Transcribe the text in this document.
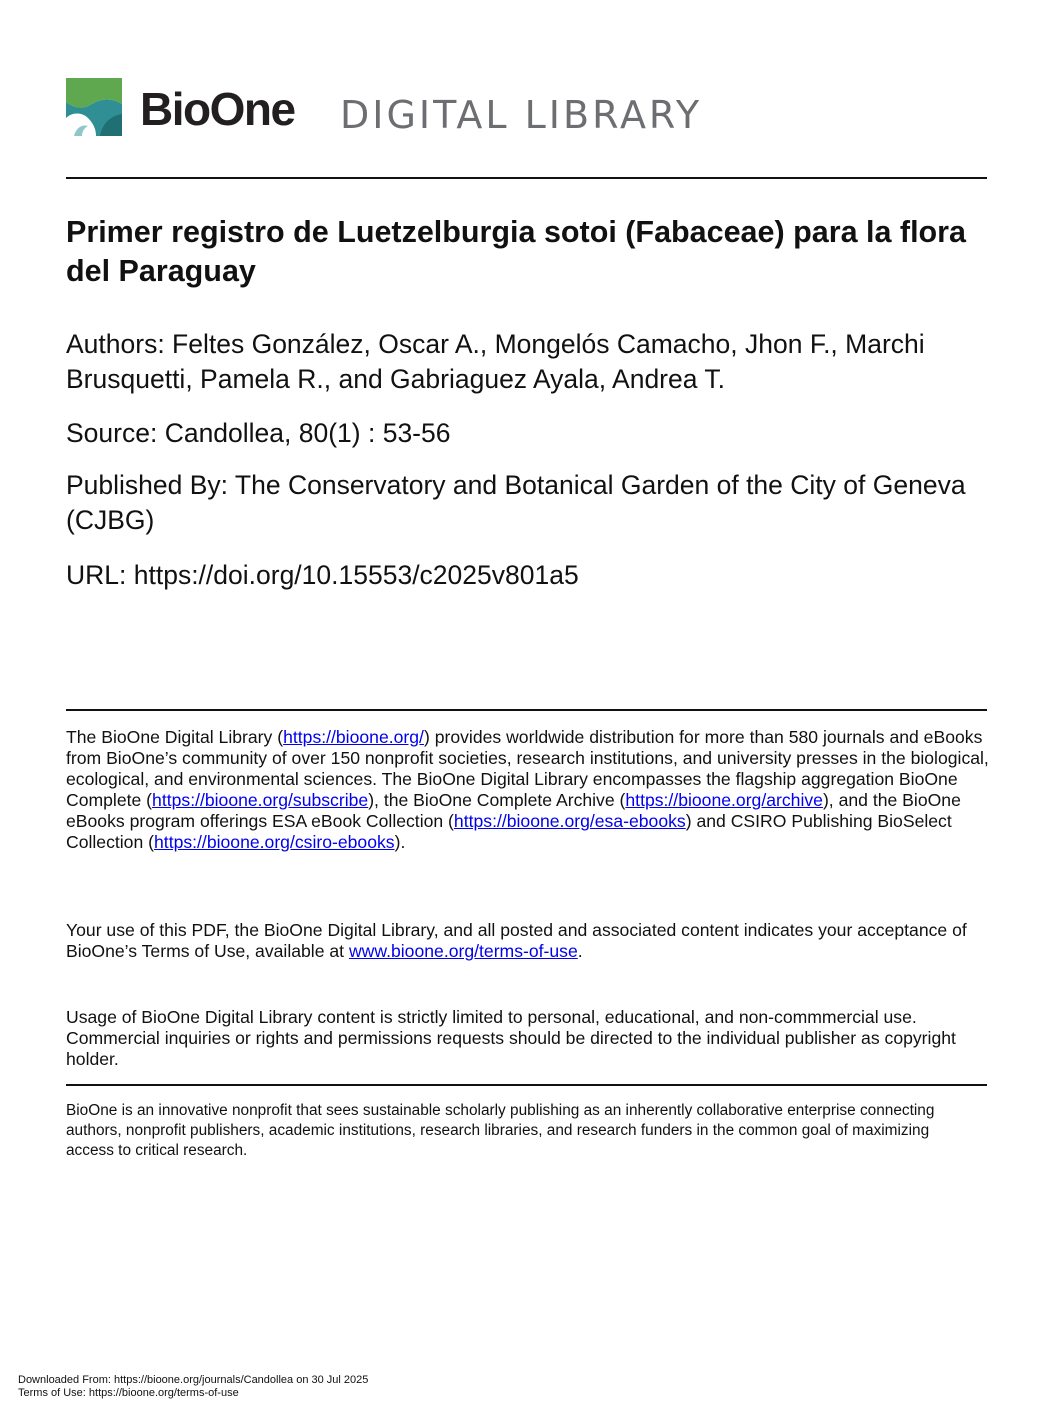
BioOne DIGITAL LIBRARY
Primer registro de Luetzelburgia sotoi (Fabaceae) para la flora del Paraguay

Authors: Feltes González, Oscar A., Mongelós Camacho, Jhon F., Marchi Brusquetti, Pamela R., and Gabriaguez Ayala, Andrea T.

Source: Candollea, 80(1) : 53-56

Published By: The Conservatory and Botanical Garden of the City of Geneva (CJBG)

URL: https://doi.org/10.15553/c2025v801a5

The BioOne Digital Library (https://bioone.org/) provides worldwide distribution for more than 580 journals and eBooks from BioOne’s community of over 150 nonprofit societies, research institutions, and university presses in the biological, ecological, and environmental sciences. The BioOne Digital Library encompasses the flagship aggregation BioOne Complete (https://bioone.org/subscribe), the BioOne Complete Archive (https://bioone.org/archive), and the BioOne eBooks program offerings ESA eBook Collection (https://bioone.org/esa-ebooks) and CSIRO Publishing BioSelect Collection (https://bioone.org/csiro-ebooks).

Your use of this PDF, the BioOne Digital Library, and all posted and associated content indicates your acceptance of BioOne’s Terms of Use, available at www.bioone.org/terms-of-use.

Usage of BioOne Digital Library content is strictly limited to personal, educational, and non-commmercial use. Commercial inquiries or rights and permissions requests should be directed to the individual publisher as copyright holder.

BioOne is an innovative nonprofit that sees sustainable scholarly publishing as an inherently collaborative enterprise connecting authors, nonprofit publishers, academic institutions, research libraries, and research funders in the common goal of maximizing access to critical research.

Downloaded From: https://bioone.org/journals/Candollea on 30 Jul 2025

Terms of Use: https://bioone.org/terms-of-use
